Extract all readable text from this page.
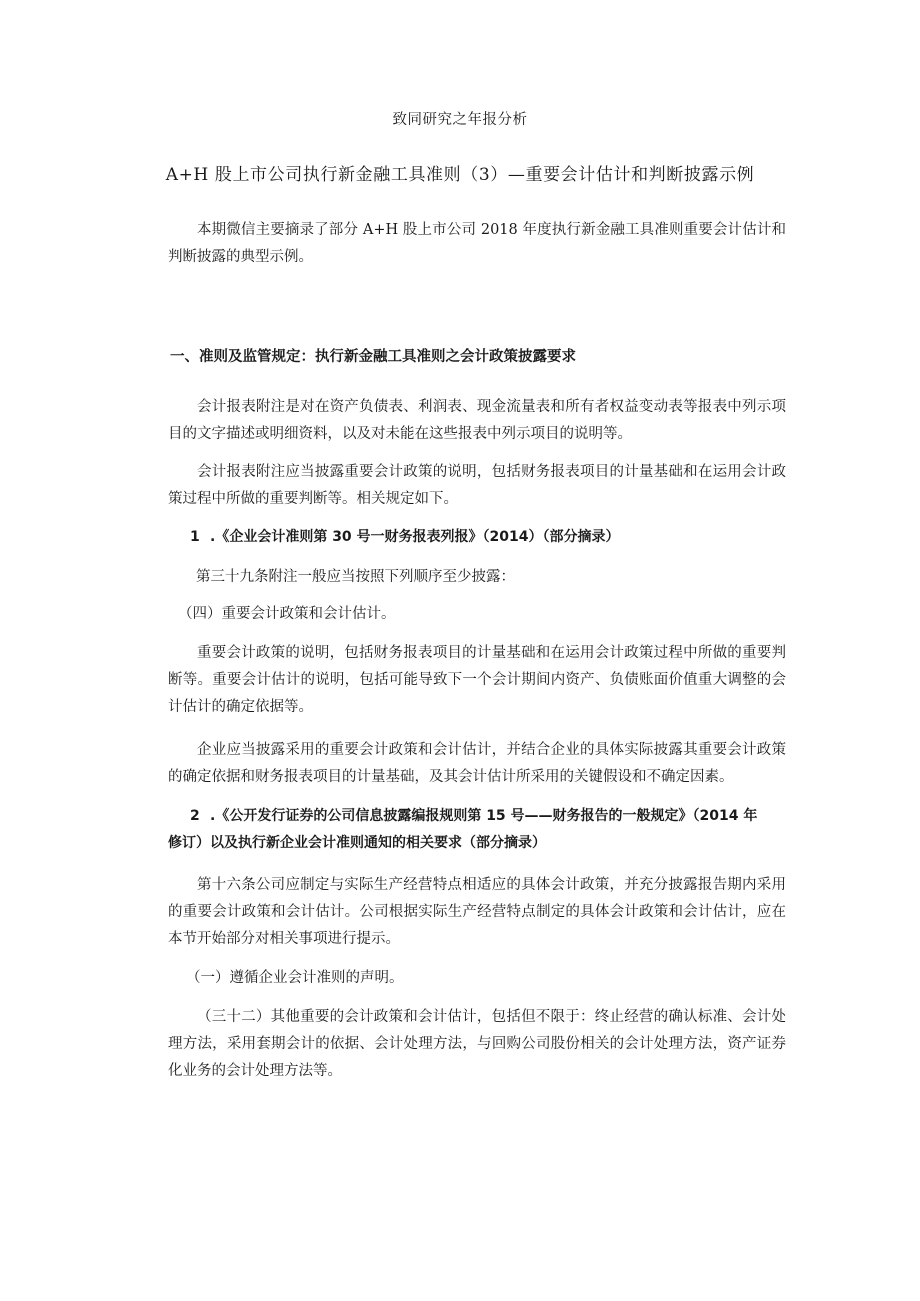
致同研究之年报分析
A+H 股上市公司执行新金融工具准则（3）—重要会计估计和判断披露示例
本期微信主要摘录了部分 A+H 股上市公司 2018 年度执行新金融工具准则重要会计估计和判断披露的典型示例。
一、准则及监管规定：执行新金融工具准则之会计政策披露要求
会计报表附注是对在资产负债表、利润表、现金流量表和所有者权益变动表等报表中列示项目的文字描述或明细资料，以及对未能在这些报表中列示项目的说明等。
会计报表附注应当披露重要会计政策的说明，包括财务报表项目的计量基础和在运用会计政策过程中所做的重要判断等。相关规定如下。
1 .《企业会计准则第 30 号一财务报表列报》（2014）（部分摘录）
第三十九条附注一般应当按照下列顺序至少披露：
（四）重要会计政策和会计估计。
重要会计政策的说明，包括财务报表项目的计量基础和在运用会计政策过程中所做的重要判断等。重要会计估计的说明，包括可能导致下一个会计期间内资产、负债账面价值重大调整的会计估计的确定依据等。
企业应当披露采用的重要会计政策和会计估计，并结合企业的具体实际披露其重要会计政策的确定依据和财务报表项目的计量基础，及其会计估计所采用的关键假设和不确定因素。
2 .《公开发行证券的公司信息披露编报规则第 15 号——财务报告的一般规定》（2014 年
修订）以及执行新企业会计准则通知的相关要求（部分摘录）
第十六条公司应制定与实际生产经营特点相适应的具体会计政策，并充分披露报告期内采用的重要会计政策和会计估计。公司根据实际生产经营特点制定的具体会计政策和会计估计，应在本节开始部分对相关事项进行提示。
（一）遵循企业会计准则的声明。
（三十二）其他重要的会计政策和会计估计，包括但不限于：终止经营的确认标准、会计处理方法，采用套期会计的依据、会计处理方法，与回购公司股份相关的会计处理方法，资产证券化业务的会计处理方法等。
